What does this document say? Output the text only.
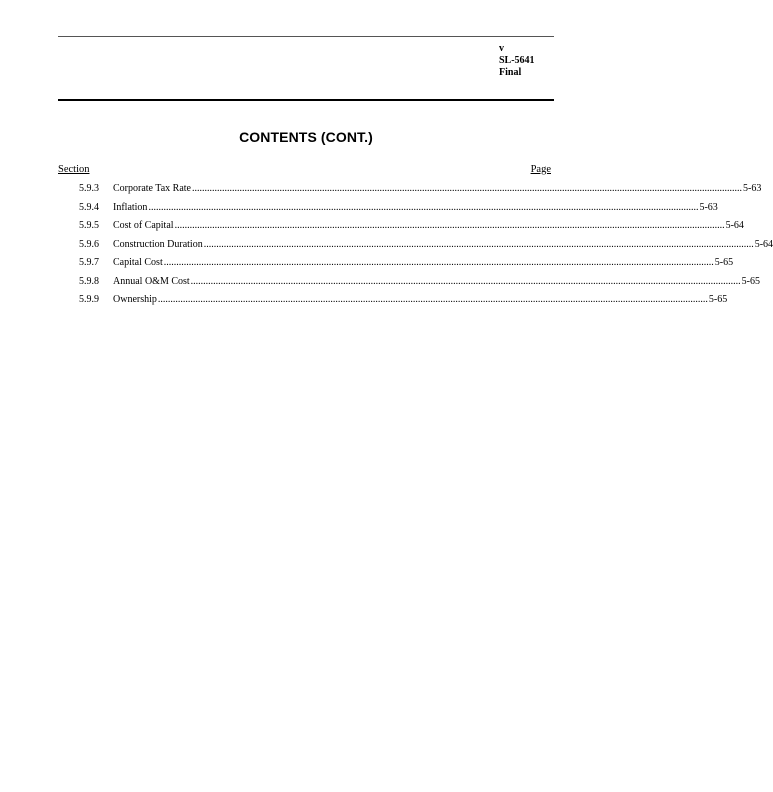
v
SL-5641
Final
CONTENTS (CONT.)
Section	Page
5.9.3 Corporate Tax Rate ............................................................................................................................................................................................................................ 5-63
5.9.4 Inflation ............................................................................................................................................................................................................................ 5-63
5.9.5 Cost of Capital ............................................................................................................................................................................................................................ 5-64
5.9.6 Construction Duration ............................................................................................................................................................................................................................ 5-64
5.9.7 Capital Cost ............................................................................................................................................................................................................................ 5-65
5.9.8 Annual O&M Cost ............................................................................................................................................................................................................................ 5-65
5.9.9 Ownership ............................................................................................................................................................................................................................ 5-65
